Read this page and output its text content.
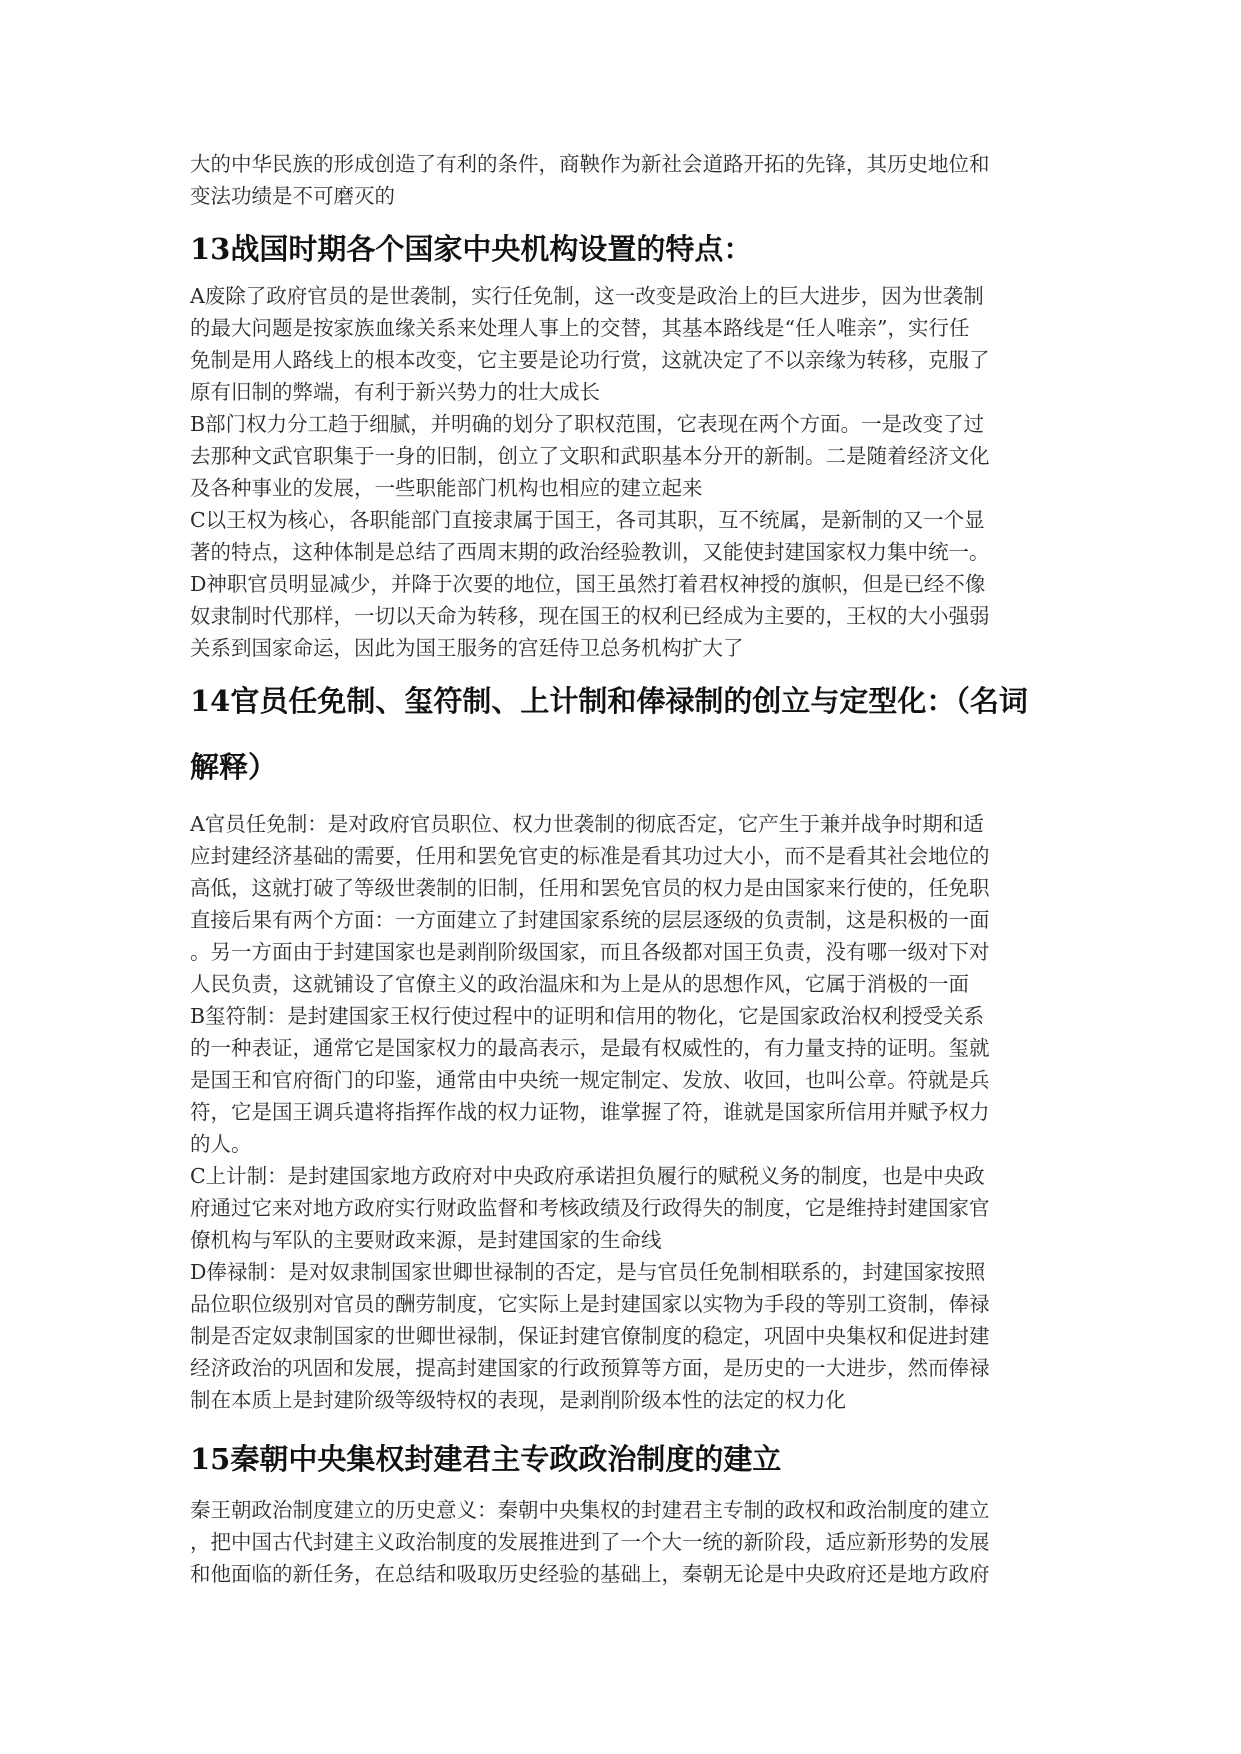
大的中华民族的形成创造了有利的条件，商鞅作为新社会道路开拓的先锋，其历史地位和
变法功绩是不可磨灭的
13战国时期各个国家中央机构设置的特点：
A废除了政府官员的是世袭制，实行任免制，这一改变是政治上的巨大进步，因为世袭制
的最大问题是按家族血缘关系来处理人事上的交替，其基本路线是“任人唯亲”，实行任
免制是用人路线上的根本改变，它主要是论功行赏，这就决定了不以亲缘为转移，克服了
原有旧制的弊端，有利于新兴势力的壮大成长
B部门权力分工趋于细腻，并明确的划分了职权范围，它表现在两个方面。一是改变了过
去那种文武官职集于一身的旧制，创立了文职和武职基本分开的新制。二是随着经济文化
及各种事业的发展，一些职能部门机构也相应的建立起来
C以王权为核心，各职能部门直接隶属于国王，各司其职，互不统属，是新制的又一个显
著的特点，这种体制是总结了西周末期的政治经验教训，又能使封建国家权力集中统一。
D神职官员明显减少，并降于次要的地位，国王虽然打着君权神授的旗帜，但是已经不像
奴隶制时代那样，一切以天命为转移，现在国王的权利已经成为主要的，王权的大小强弱
关系到国家命运，因此为国王服务的宫廷侍卫总务机构扩大了
14官员任免制、玺符制、上计制和俸禄制的创立与定型化：（名词
解释）
A官员任免制：是对政府官员职位、权力世袭制的彻底否定，它产生于兼并战争时期和适
应封建经济基础的需要，任用和罢免官吏的标准是看其功过大小，而不是看其社会地位的
高低，这就打破了等级世袭制的旧制，任用和罢免官员的权力是由国家来行使的，任免职
直接后果有两个方面：一方面建立了封建国家系统的层层逐级的负责制，这是积极的一面
。另一方面由于封建国家也是剥削阶级国家，而且各级都对国王负责，没有哪一级对下对
人民负责，这就铺设了官僚主义的政治温床和为上是从的思想作风，它属于消极的一面
B玺符制：是封建国家王权行使过程中的证明和信用的物化，它是国家政治权利授受关系
的一种表证，通常它是国家权力的最高表示，是最有权威性的，有力量支持的证明。玺就
是国王和官府衙门的印鉴，通常由中央统一规定制定、发放、收回，也叫公章。符就是兵
符，它是国王调兵遣将指挥作战的权力证物，谁掌握了符，谁就是国家所信用并赋予权力
的人。
C上计制：是封建国家地方政府对中央政府承诺担负履行的赋税义务的制度，也是中央政
府通过它来对地方政府实行财政监督和考核政绩及行政得失的制度，它是维持封建国家官
僚机构与军队的主要财政来源，是封建国家的生命线
D俸禄制：是对奴隶制国家世卿世禄制的否定，是与官员任免制相联系的，封建国家按照
品位职位级别对官员的酬劳制度，它实际上是封建国家以实物为手段的等别工资制，俸禄
制是否定奴隶制国家的世卿世禄制，保证封建官僚制度的稳定，巩固中央集权和促进封建
经济政治的巩固和发展，提高封建国家的行政预算等方面，是历史的一大进步，然而俸禄
制在本质上是封建阶级等级特权的表现，是剥削阶级本性的法定的权力化
15秦朝中央集权封建君主专政政治制度的建立
秦王朝政治制度建立的历史意义：秦朝中央集权的封建君主专制的政权和政治制度的建立
，把中国古代封建主义政治制度的发展推进到了一个大一统的新阶段，适应新形势的发展
和他面临的新任务，在总结和吸取历史经验的基础上，秦朝无论是中央政府还是地方政府
